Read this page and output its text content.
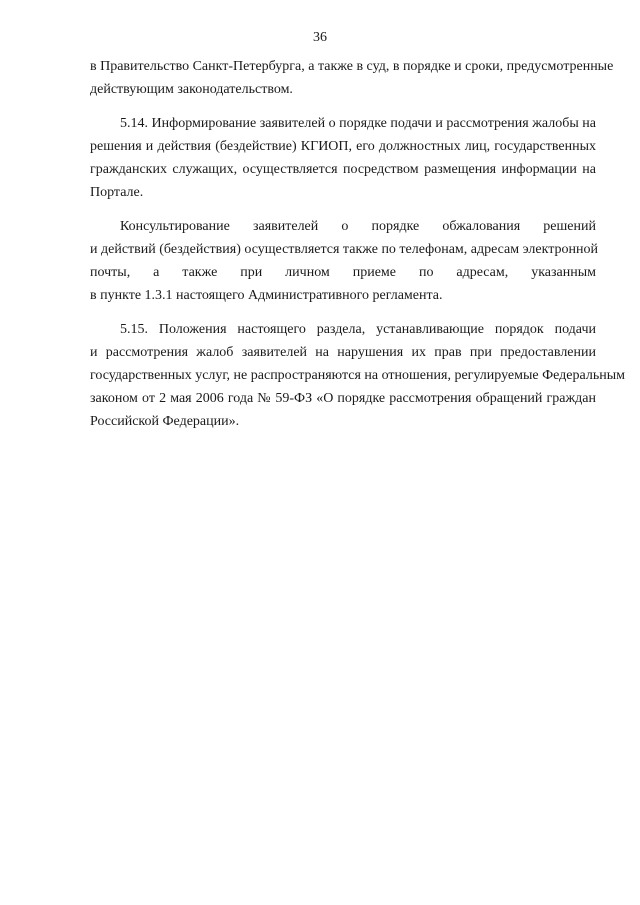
36
в Правительство Санкт-Петербурга, а также в суд, в порядке и сроки, предусмотренные
действующим законодательством.
5.14. Информирование заявителей о порядке подачи и рассмотрения жалобы на
решения и действия (бездействие) КГИОП, его должностных лиц, государственных
гражданских служащих, осуществляется посредством размещения информации на
Портале.
Консультирование заявителей о порядке обжалования решений
и действий (бездействия) осуществляется также по телефонам, адресам электронной
почты, а также при личном приеме по адресам, указанным
в пункте 1.3.1 настоящего Административного регламента.
5.15. Положения настоящего раздела, устанавливающие порядок подачи
и рассмотрения жалоб заявителей на нарушения их прав при предоставлении
государственных услуг, не распространяются на отношения, регулируемые Федеральным
законом от 2 мая 2006 года № 59-ФЗ «О порядке рассмотрения обращений граждан
Российской Федерации».
